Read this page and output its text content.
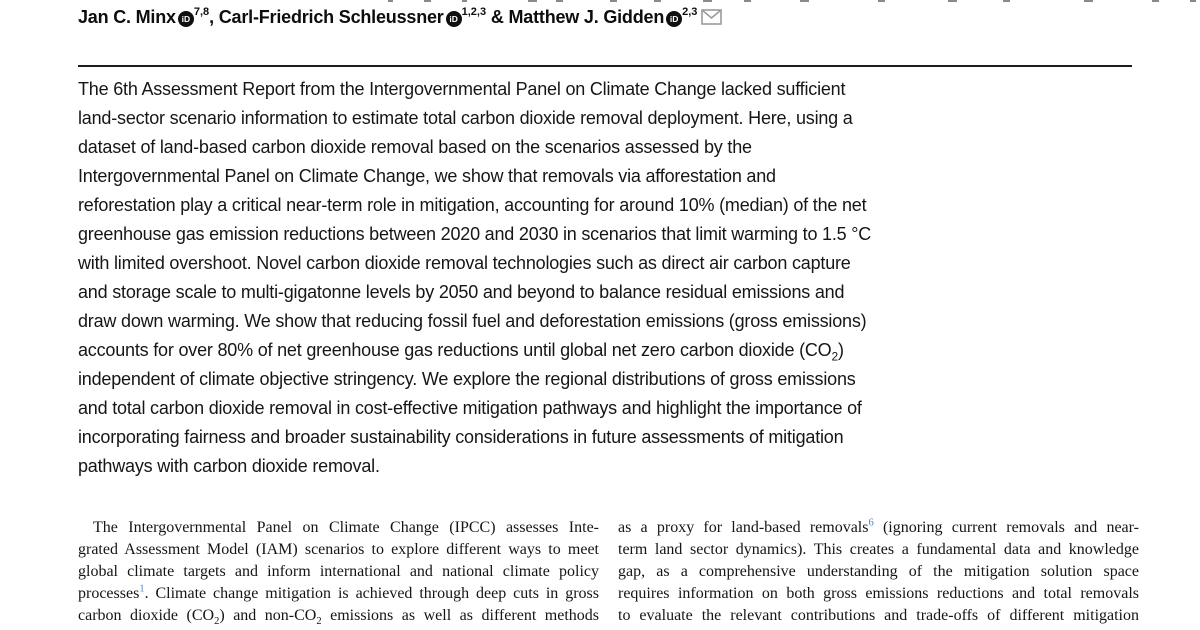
Jan C. Minx iD$^{7,8}$, Carl-Friedrich Schleussner iD$^{1,2,3}$ & Matthew J. Gidden iD$^{2,3}$
The 6th Assessment Report from the Intergovernmental Panel on Climate Change lacked sufficient
land-sector scenario information to estimate total carbon dioxide removal deployment. Here, using a
dataset of land-based carbon dioxide removal based on the scenarios assessed by the
Intergovernmental Panel on Climate Change, we show that removals via afforestation and
reforestation play a critical near-term role in mitigation, accounting for around 10% (median) of the net
greenhouse gas emission reductions between 2020 and 2030 in scenarios that limit warming to 1.5 °C
with limited overshoot. Novel carbon dioxide removal technologies such as direct air carbon capture
and storage scale to multi-gigatonne levels by 2050 and beyond to balance residual emissions and
draw down warming. We show that reducing fossil fuel and deforestation emissions (gross emissions)
accounts for over 80% of net greenhouse gas reductions until global net zero carbon dioxide $(CO_2)$
independent of climate objective stringency. We explore the regional distributions of gross emissions
and total carbon dioxide removal in cost-effective mitigation pathways and highlight the importance of
incorporating fairness and broader sustainability considerations in future assessments of mitigation
pathways with carbon dioxide removal.
The Intergovernmental Panel on Climate Change (IPCC) assesses Inte-
grated Assessment Model (IAM) scenarios to explore different ways to meet
global climate targets and inform international and national climate policy
processes$^1$. Climate change mitigation is achieved through deep cuts in gross
carbon dioxide $(CO_2)$ and non-$CO_2$ emissions as well as different methods
as a proxy for land-based removals$^6$ (ignoring current removals and near-
term land sector dynamics). This creates a fundamental data and knowledge
gap, as a comprehensive understanding of the mitigation solution space
requires information on both gross emissions reductions and total removals
to evaluate the relevant contributions and trade-offs of different mitigation
